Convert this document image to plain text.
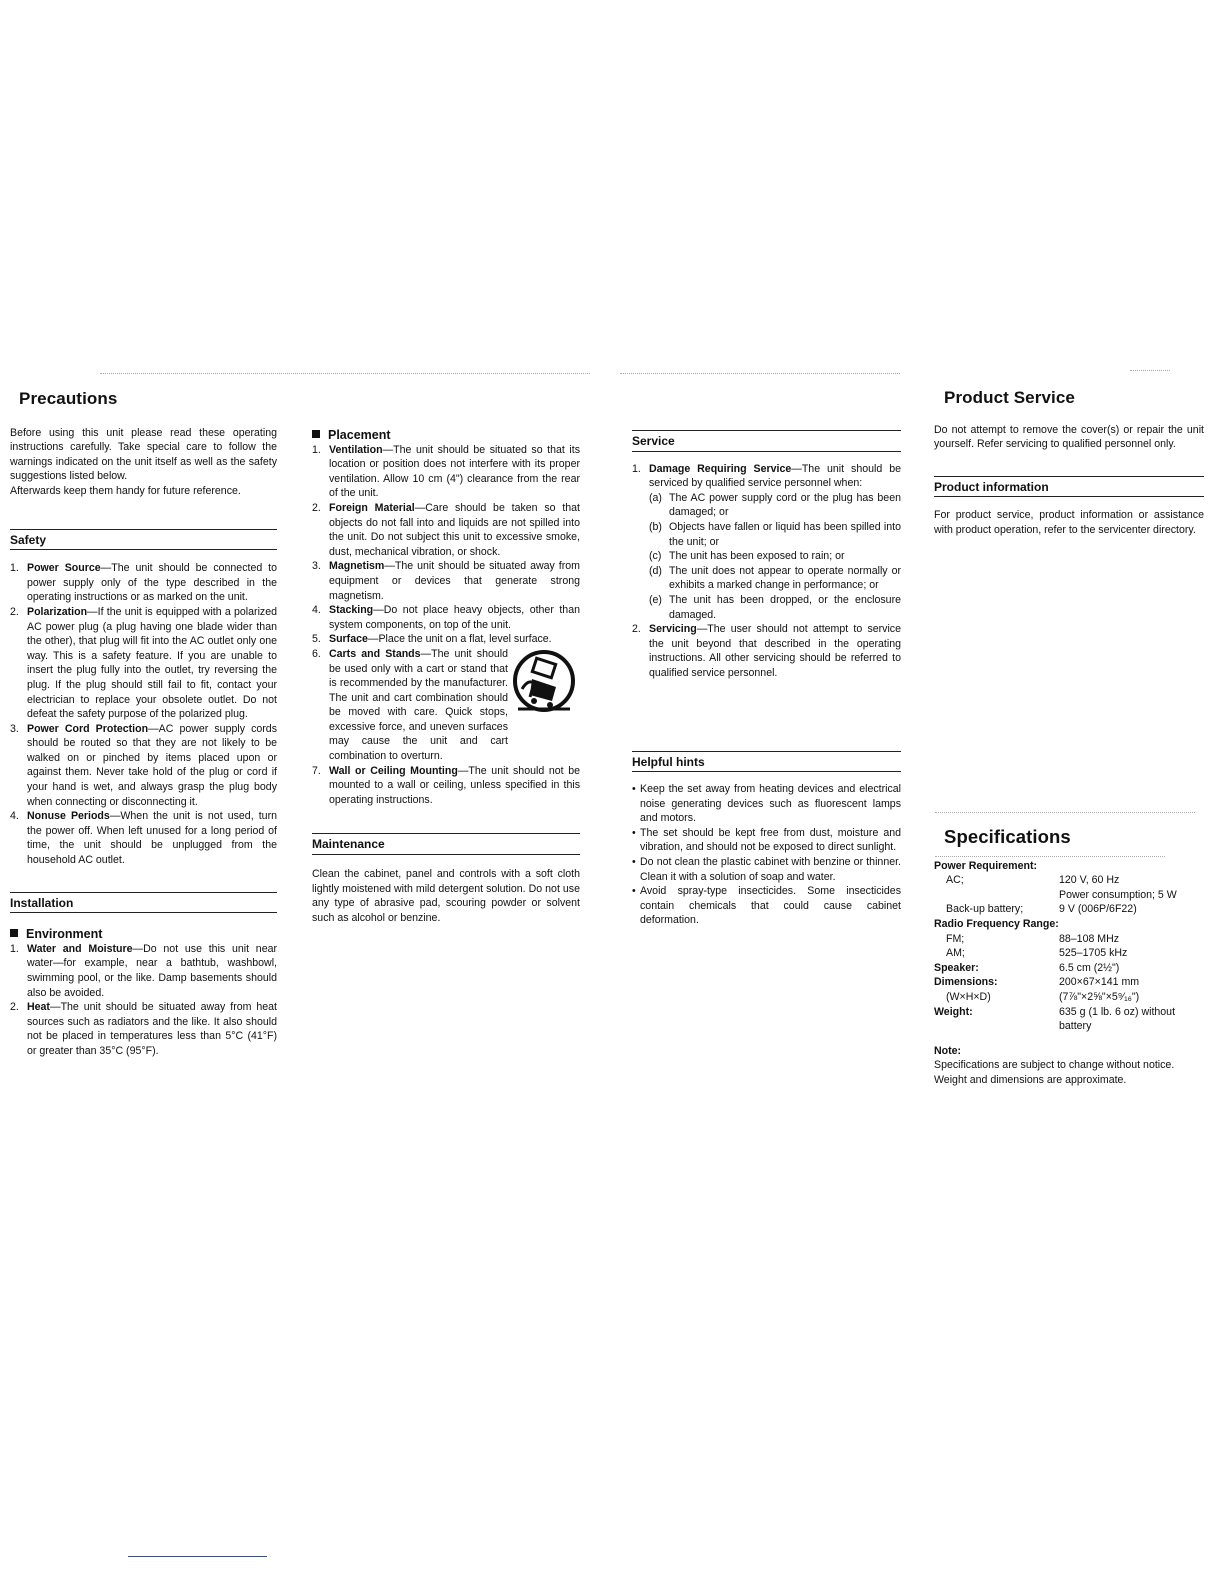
Precautions

Before using this unit please read these operating instructions carefully. Take special care to follow the warnings indicated on the unit itself as well as the safety suggestions listed below.

Afterwards keep them handy for future reference.

Safety
1. Power Source—The unit should be connected to power supply only of the type described in the operating instructions or as marked on the unit.
2. Polarization—If the unit is equipped with a polarized AC power plug (a plug having one blade wider than the other), that plug will fit into the AC outlet only one way. This is a safety feature. If you are unable to insert the plug fully into the outlet, try reversing the plug. If the plug should still fail to fit, contact your electrician to replace your obsolete outlet. Do not defeat the safety purpose of the polarized plug.
3. Power Cord Protection—AC power supply cords should be routed so that they are not likely to be walked on or pinched by items placed upon or against them. Never take hold of the plug or cord if your hand is wet, and always grasp the plug body when connecting or disconnecting it.
4. Nonuse Periods—When the unit is not used, turn the power off. When left unused for a long period of time, the unit should be unplugged from the household AC outlet.
Installation
Environment
1. Water and Moisture—Do not use this unit near water—for example, near a bathtub, washbowl, swimming pool, or the like. Damp basements should also be avoided.
2. Heat—The unit should be situated away from heat sources such as radiators and the like. It also should not be placed in temperatures less than 5°C (41°F) or greater than 35°C (95°F).
Placement
1. Ventilation—The unit should be situated so that its location or position does not interfere with its proper ventilation. Allow 10 cm (4") clearance from the rear of the unit.
2. Foreign Material—Care should be taken so that objects do not fall into and liquids are not spilled into the unit. Do not subject this unit to excessive smoke, dust, mechanical vibration, or shock.
3. Magnetism—The unit should be situated away from equipment or devices that generate strong magnetism.
4. Stacking—Do not place heavy objects, other than system components, on top of the unit.
5. Surface—Place the unit on a flat, level surface.
6. Carts and Stands—The unit should be used only with a cart or stand that is recommended by the manufacturer. The unit and cart combination should be moved with care. Quick stops, excessive force, and uneven surfaces may cause the unit and cart combination to overturn.
7. Wall or Ceiling Mounting—The unit should not be mounted to a wall or ceiling, unless specified in this operating instructions.
Maintenance

Clean the cabinet, panel and controls with a soft cloth lightly moistened with mild detergent solution. Do not use any type of abrasive pad, scouring powder or solvent such as alcohol or benzine.

Service
1. Damage Requiring Service—The unit should be serviced by qualified service personnel when:
(a) The AC power supply cord or the plug has been damaged; or
(b) Objects have fallen or liquid has been spilled into the unit; or
(c) The unit has been exposed to rain; or
(d) The unit does not appear to operate normally or exhibits a marked change in performance; or
(e) The unit has been dropped, or the enclosure damaged.
2. Servicing—The user should not attempt to service the unit beyond that described in the operating instructions. All other servicing should be referred to qualified service personnel.
Helpful hints
• Keep the set away from heating devices and electrical noise generating devices such as fluorescent lamps and motors.
• The set should be kept free from dust, moisture and vibration, and should not be exposed to direct sunlight.
• Do not clean the plastic cabinet with benzine or thinner. Clean it with a solution of soap and water.
• Avoid spray-type insecticides. Some insecticides contain chemicals that could cause cabinet deformation.
Product Service

Do not attempt to remove the cover(s) or repair the unit yourself. Refer servicing to qualified personnel only.

Product information

For product service, product information or assistance with product operation, refer to the servicenter directory.

Specifications
Power Requirement:
AC;	120 V, 60 Hz
Power consumption; 5 W
Back-up battery;	9 V (006P/6F22)
Radio Frequency Range:
FM;	88–108 MHz
AM;	525–1705 kHz
Speaker:	6.5 cm (2½")
Dimensions:	200×67×141 mm
(W×H×D)	(7⅞"×2⅝"×5⁹⁄₁₆")
Weight:	635 g (1 lb. 6 oz) without battery
Note:

Specifications are subject to change without notice.

Weight and dimensions are approximate.
